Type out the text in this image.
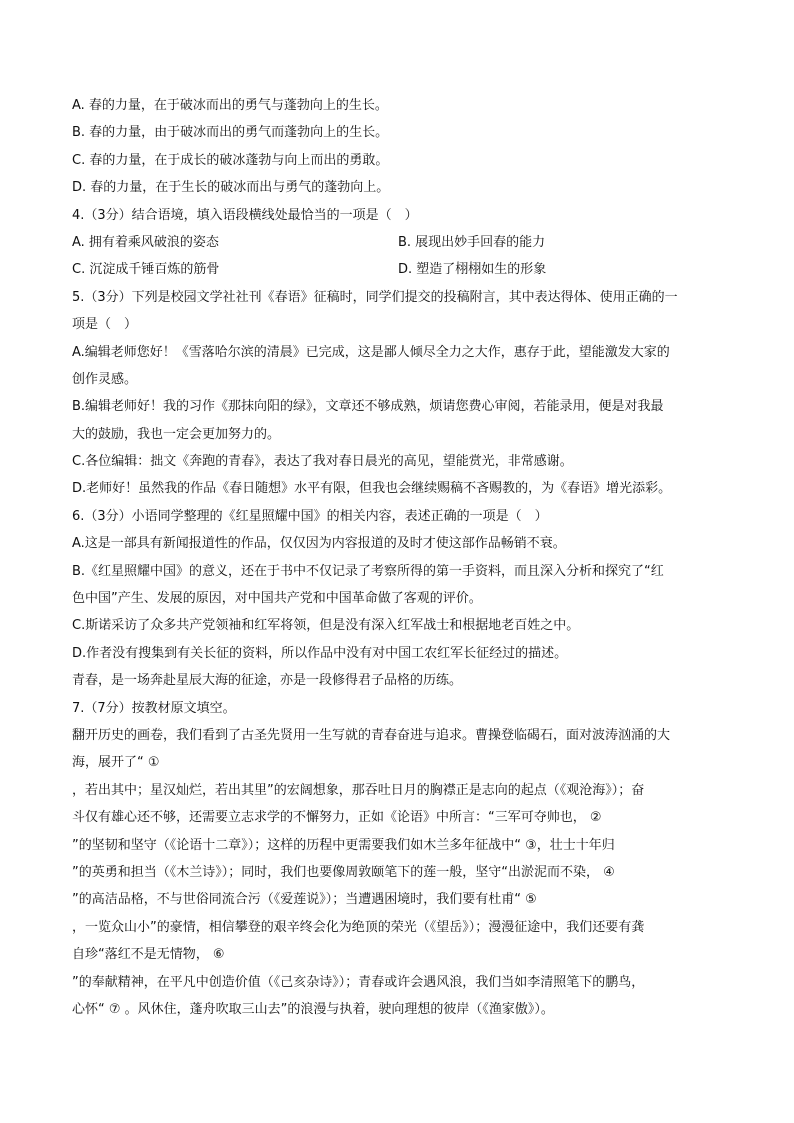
A. 春的力量，在于破冰而出的勇气与蓬勃向上的生长。
B. 春的力量，由于破冰而出的勇气而蓬勃向上的生长。
C. 春的力量，在于成长的破冰蓬勃与向上而出的勇敢。
D. 春的力量，在于生长的破冰而出与勇气的蓬勃向上。
4.（3分）结合语境，填入语段横线处最恰当的一项是（　）
A. 拥有着乘风破浪的姿态	B. 展现出妙手回春的能力
C. 沉淀成千锤百炼的筋骨	D. 塑造了栩栩如生的形象
5.（3分）下列是校园文学社社刊《春语》征稿时，同学们提交的投稿附言，其中表达得体、使用正确的一
项是（　）
A.编辑老师您好！《雪落哈尔滨的清晨》已完成，这是鄙人倾尽全力之大作，惠存于此，望能激发大家的
创作灵感。
B.编辑老师好！我的习作《那抹向阳的绿》，文章还不够成熟，烦请您费心审阅，若能录用，便是对我最
大的鼓励，我也一定会更加努力的。
C.各位编辑：拙文《奔跑的青春》，表达了我对春日晨光的高见，望能赏光，非常感谢。
D.老师好！虽然我的作品《春日随想》水平有限，但我也会继续赐稿不吝赐教的，为《春语》增光添彩。
6.（3分）小语同学整理的《红星照耀中国》的相关内容，表述正确的一项是（　）
A.这是一部具有新闻报道性的作品，仅仅因为内容报道的及时才使这部作品畅销不衰。
B.《红星照耀中国》的意义，还在于书中不仅记录了考察所得的第一手资料，而且深入分析和探究了“红
色中国”产生、发展的原因，对中国共产党和中国革命做了客观的评价。
C.斯诺采访了众多共产党领袖和红军将领，但是没有深入红军战士和根据地老百姓之中。
D.作者没有搜集到有关长征的资料，所以作品中没有对中国工农红军长征经过的描述。
青春，是一场奔赴星辰大海的征途，亦是一段修得君子品格的历练。
7.（7分）按教材原文填空。
翻开历史的画卷，我们看到了古圣先贤用一生写就的青春奋进与追求。曹操登临碣石，面对波涛汹涌的大
海，展开了“ ①
，若出其中；星汉灿烂，若出其里”的宏阔想象，那吞吐日月的胸襟正是志向的起点（《观沧海》）；奋
斗仅有雄心还不够，还需要立志求学的不懈努力，正如《论语》中所言：“三军可夺帅也， ②
”的坚韧和坚守（《论语十二章》）；这样的历程中更需要我们如木兰多年征战中“ ③，壮士十年归
”的英勇和担当（《木兰诗》）；同时，我们也要像周敦颐笔下的莲一般，坚守“出淤泥而不染， ④
”的高洁品格，不与世俗同流合污（《爱莲说》）；当遭遇困境时，我们要有杜甫“ ⑤
，一览众山小”的豪情，相信攀登的艰辛终会化为绝顶的荣光（《望岳》）；漫漫征途中，我们还要有龚
自珍“落红不是无情物， ⑥
”的奉献精神，在平凡中创造价值（《己亥杂诗》）；青春或许会遇风浪，我们当如李清照笔下的鹏鸟，
心怀“ ⑦ 。风休住，蓬舟吹取三山去”的浪漫与执着，驶向理想的彼岸（《渔家傲》）。
